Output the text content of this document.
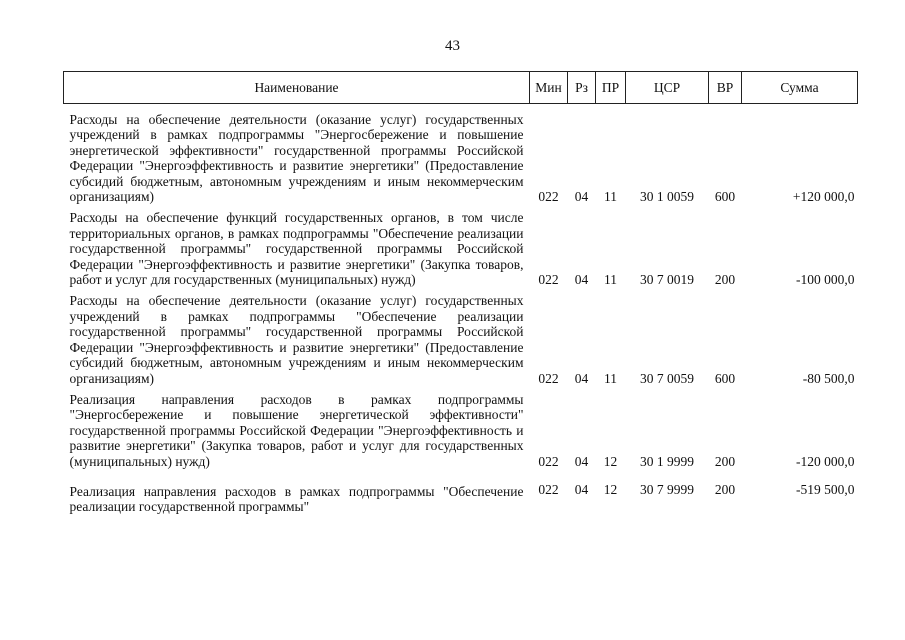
43
Наименование	Мин	Рз	ПР	ЦСР	ВР	Сумма
Расходы на обеспечение деятельности (оказание услуг) государственных учреждений в рамках подпрограммы "Энергосбережение и повышение энергетической эффективности" государственной программы Российской Федерации "Энергоэффективность и развитие энергетики" (Предоставление субсидий бюджетным, автономным учреждениям и иным некоммерческим организациям)	022	04	11	30 1 0059	600	+120 000,0
Расходы на обеспечение функций государственных органов, в том числе территориальных органов, в рамках подпрограммы "Обеспечение реализации государственной программы" государственной программы Российской Федерации "Энергоэффективность и развитие энергетики" (Закупка товаров, работ и услуг для государственных (муниципальных) нужд)	022	04	11	30 7 0019	200	-100 000,0
Расходы на обеспечение деятельности (оказание услуг) государственных учреждений в рамках подпрограммы "Обеспечение реализации государственной программы" государственной программы Российской Федерации "Энергоэффективность и развитие энергетики" (Предоставление субсидий бюджетным, автономным учреждениям и иным некоммерческим организациям)	022	04	11	30 7 0059	600	-80 500,0
Реализация направления расходов в рамках подпрограммы "Энергосбережение и повышение энергетической эффективности" государственной программы Российской Федерации "Энергоэффективность и развитие энергетики" (Закупка товаров, работ и услуг для государственных (муниципальных) нужд)	022	04	12	30 1 9999	200	-120 000,0
Реализация направления расходов в рамках подпрограммы "Обеспечение реализации государственной программы"	022	04	12	30 7 9999	200	-519 500,0
